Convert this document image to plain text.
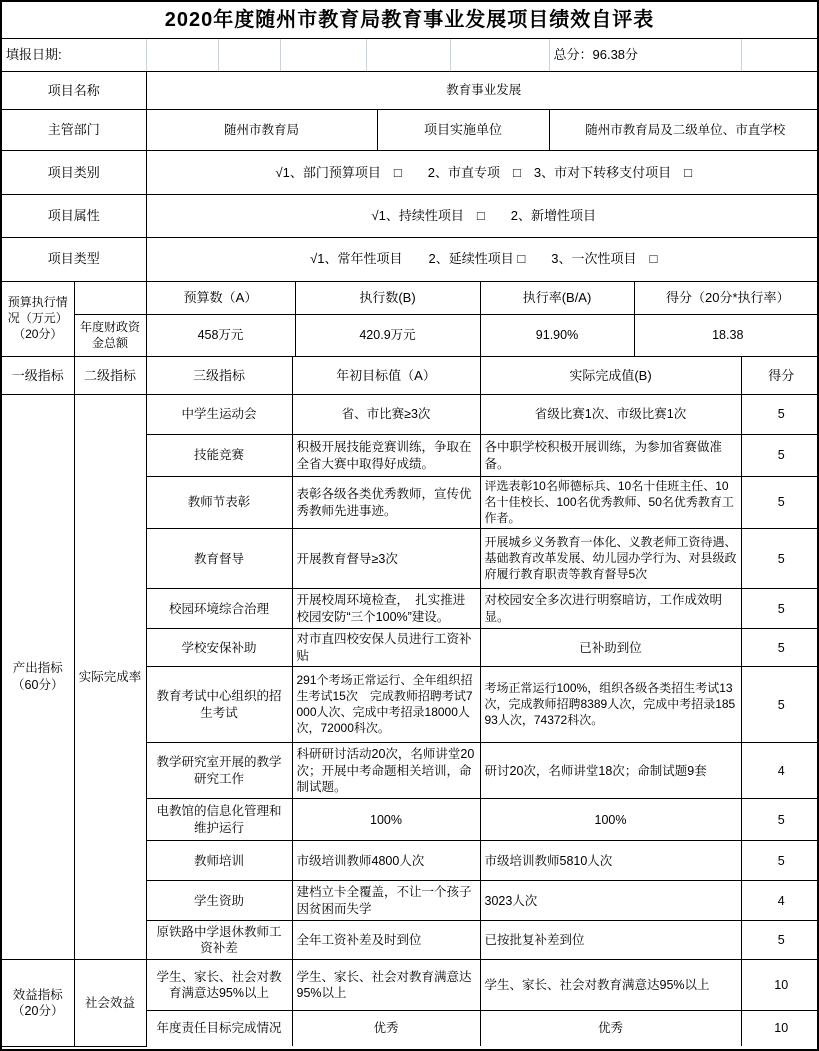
2020年度随州市教育局教育事业发展项目绩效自评表
填报日期:						总分：96.38分	
项目名称	教育事业发展
主管部门	随州市教育局	项目实施单位	随州市教育局及二级单位、市直学校
项目类别	√1、部门预算项目　□　　2、市直专项　□　3、市对下转移支付项目　□
项目属性	√1、持续性项目　□　　2、新增性项目
项目类型	√1、常年性项目　　2、延续性项目 □　　3、一次性项目　□
预算执行情况（万元）（20分）		预算数（A）	执行数(B)	执行率(B/A)	得分（20分*执行率）
	年度财政资金总额	458万元	420.9万元	91.90%	18.38
一级指标	二级指标	三级指标	年初目标值（A）	实际完成值(B)	得分
产出指标（60分）	实际完成率	中学生运动会	省、市比赛≥3次	省级比赛1次、市级比赛1次	5
		技能竞赛	积极开展技能竞赛训练，争取在全省大赛中取得好成绩。	各中职学校积极开展训练，为参加省赛做准备。	5
		教师节表彰	表彰各级各类优秀教师，宣传优秀教师先进事迹。	评选表彰10名师德标兵、10名十佳班主任、10名十佳校长、100名优秀教师、50名优秀教育工作者。	5
		教育督导	开展教育督导≥3次	开展城乡义务教育一体化、义教老师工资待遇、基础教育改革发展、幼儿园办学行为、对县级政府履行教育职责等教育督导5次	5
		校园环境综合治理	开展校周环境检查，　扎实推进校园安防“三个100%”建设。	对校园安全多次进行明察暗访，工作成效明显。	5
		学校安保补助	对市直四校安保人员进行工资补贴	已补助到位	5
		教育考试中心组织的招生考试	291个考场正常运行、全年组织招生考试15次　完成教师招聘考试7000人次、完成中考招录18000人次，72000科次。	考场正常运行100%，组织各级各类招生考试13次，完成教师招聘8389人次，完成中考招录18593人次，74372科次。	5
		教学研究室开展的教学研究工作	科研研讨活动20次，名师讲堂20次；开展中考命题相关培训，命制试题。	研讨20次，名师讲堂18次；命制试题9套	4
		电教馆的信息化管理和维护运行	100%	100%	5
		教师培训	市级培训教师4800人次	市级培训教师5810人次	5
		学生资助	建档立卡全覆盖，不让一个孩子因贫困而失学	3023人次	4
		原铁路中学退休教师工资补差	全年工资补差及时到位	已按批复补差到位	5
效益指标（20分）	社会效益	学生、家长、社会对教育满意达95%以上	学生、家长、社会对教育满意达95%以上	学生、家长、社会对教育满意达95%以上	10
		年度责任目标完成情况	优秀	优秀	10
